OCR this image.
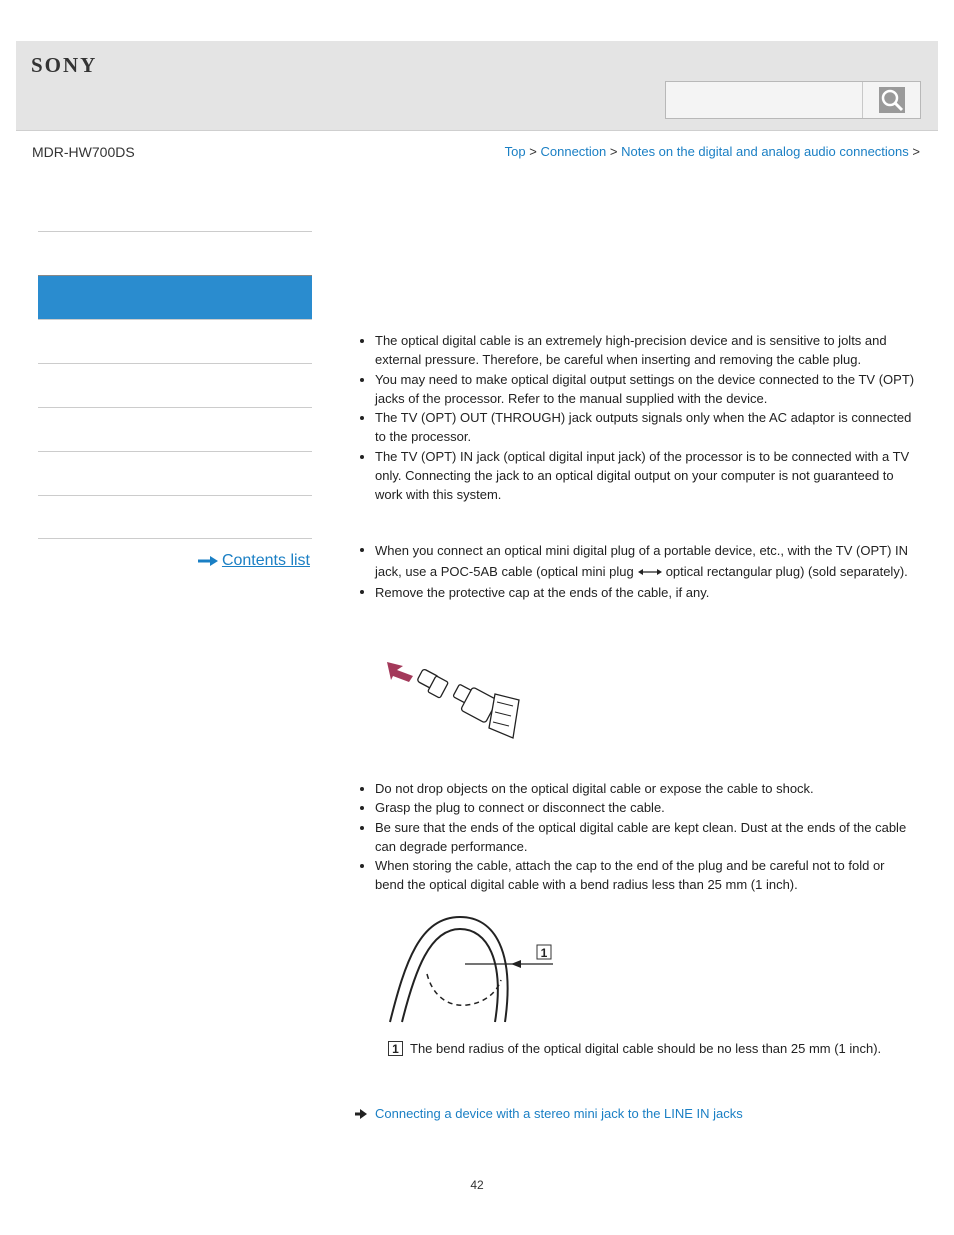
SONY
MDR-HW700DS	Top > Connection > Notes on the digital and analog audio connections >
Contents list
The optical digital cable is an extremely high-precision device and is sensitive to jolts and external pressure. Therefore, be careful when inserting and removing the cable plug.
You may need to make optical digital output settings on the device connected to the TV (OPT) jacks of the processor. Refer to the manual supplied with the device.
The TV (OPT) OUT (THROUGH) jack outputs signals only when the AC adaptor is connected to the processor.
The TV (OPT) IN jack (optical digital input jack) of the processor is to be connected with a TV only. Connecting the jack to an optical digital output on your computer is not guaranteed to work with this system.
When you connect an optical mini digital plug of a portable device, etc., with the TV (OPT) IN jack, use a POC-5AB cable (optical mini plug optical rectangular plug) (sold separately).
Remove the protective cap at the ends of the cable, if any.
Do not drop objects on the optical digital cable or expose the cable to shock.
Grasp the plug to connect or disconnect the cable.
Be sure that the ends of the optical digital cable are kept clean. Dust at the ends of the cable can degrade performance.
When storing the cable, attach the cap to the end of the plug and be careful not to fold or bend the optical digital cable with a bend radius less than 25 mm (1 inch).
1
1 The bend radius of the optical digital cable should be no less than 25 mm (1 inch).
Connecting a device with a stereo mini jack to the LINE IN jacks
42
